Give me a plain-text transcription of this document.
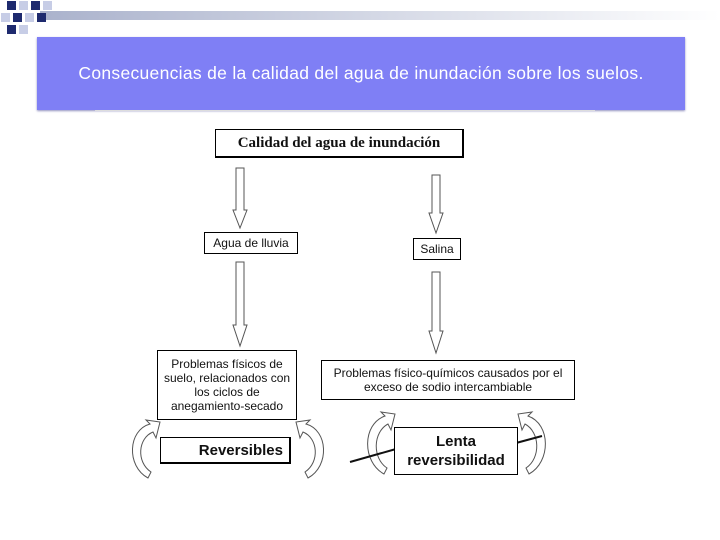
Consecuencias de la calidad del agua de inundación sobre los suelos.
Calidad del agua de inundación
Agua de lluvia	Salina
Problemas físicos de suelo, relacionados con los ciclos de anegamiento-secado
Problemas físico-químicos causados por el exceso de sodio intercambiable
Reversibles	Lenta reversibilidad
